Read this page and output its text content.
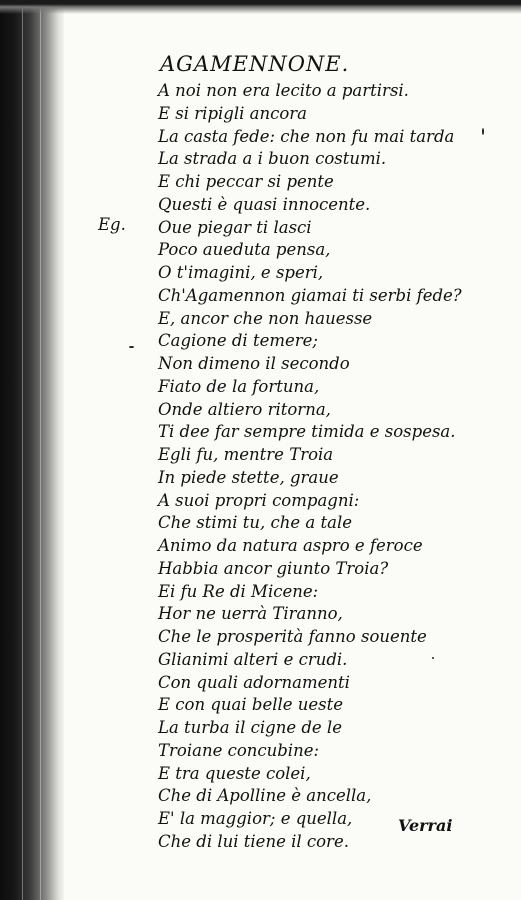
AGAMENNONE.
Eg.
A noi non era lecito a partirsi.
E si ripigli ancora
La casta fede: che non fu mai tarda
La strada a i buon costumi.
E chi peccar si pente
Questi è quasi innocente.
Oue piegar ti lasci
Poco aueduta pensa,
O t'imagini, e speri,
Ch'Agamennon giamai ti serbi fede?
E, ancor che non hauesse
Cagione di temere;
Non dimeno il secondo
Fiato de la fortuna,
Onde altiero ritorna,
Ti dee far sempre timida e sospesa.
Egli fu, mentre Troia
In piede stette, graue
A suoi propri compagni:
Che stimi tu, che a tale
Animo da natura aspro e feroce
Habbia ancor giunto Troia?
Ei fu Re di Micene:
Hor ne uerrà Tiranno,
Che le prosperità fanno souente
Glianimi alteri e crudi.
Con quali adornamenti
E con quai belle ueste
La turba il cigne de le
Troiane concubine:
E tra queste colei,
Che di Apolline è ancella,
E' la maggior; e quella,
Che di lui tiene il core.
Verrai
